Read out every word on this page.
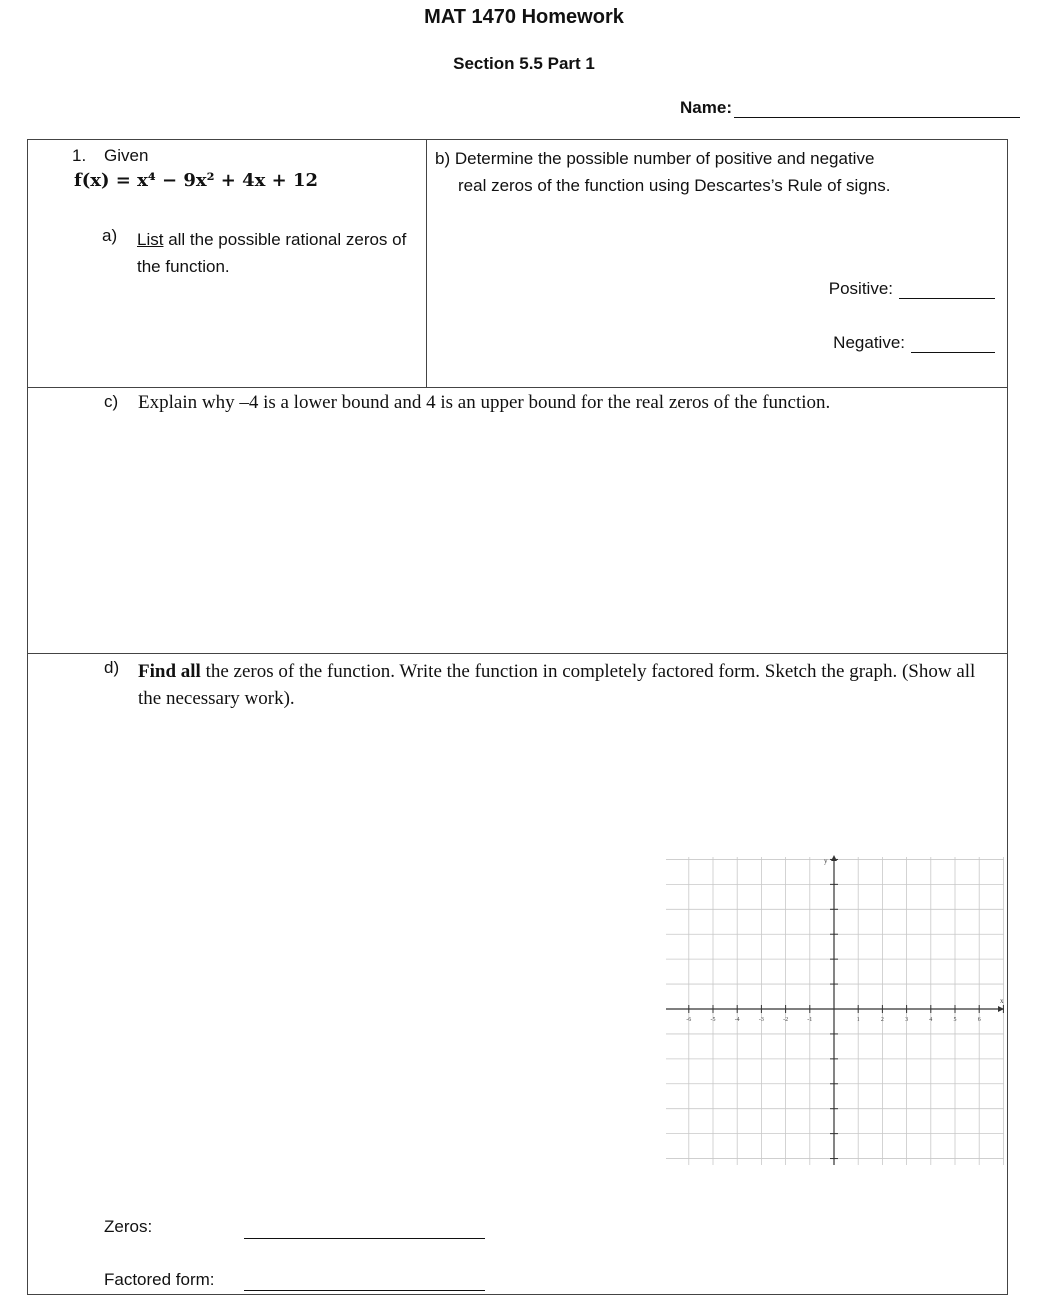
MAT 1470 Homework
Section 5.5 Part 1
Name:
1. Given
f(x) = x⁴ − 9x² + 4x + 12
a) List all the possible rational zeros of the function.
b) Determine the possible number of positive and negative
real zeros of the function using Descartes’s Rule of signs.
Positive:
Negative:
c) Explain why –4 is a lower bound and 4 is an upper bound for the real zeros of the function.
d) Find all the zeros of the function. Write the function in completely factored form. Sketch the graph. (Show all the necessary work).
-6	-5	-4	-3	-2	-1	1	2	3	4	5	6
x
y
Zeros:
Factored form:
